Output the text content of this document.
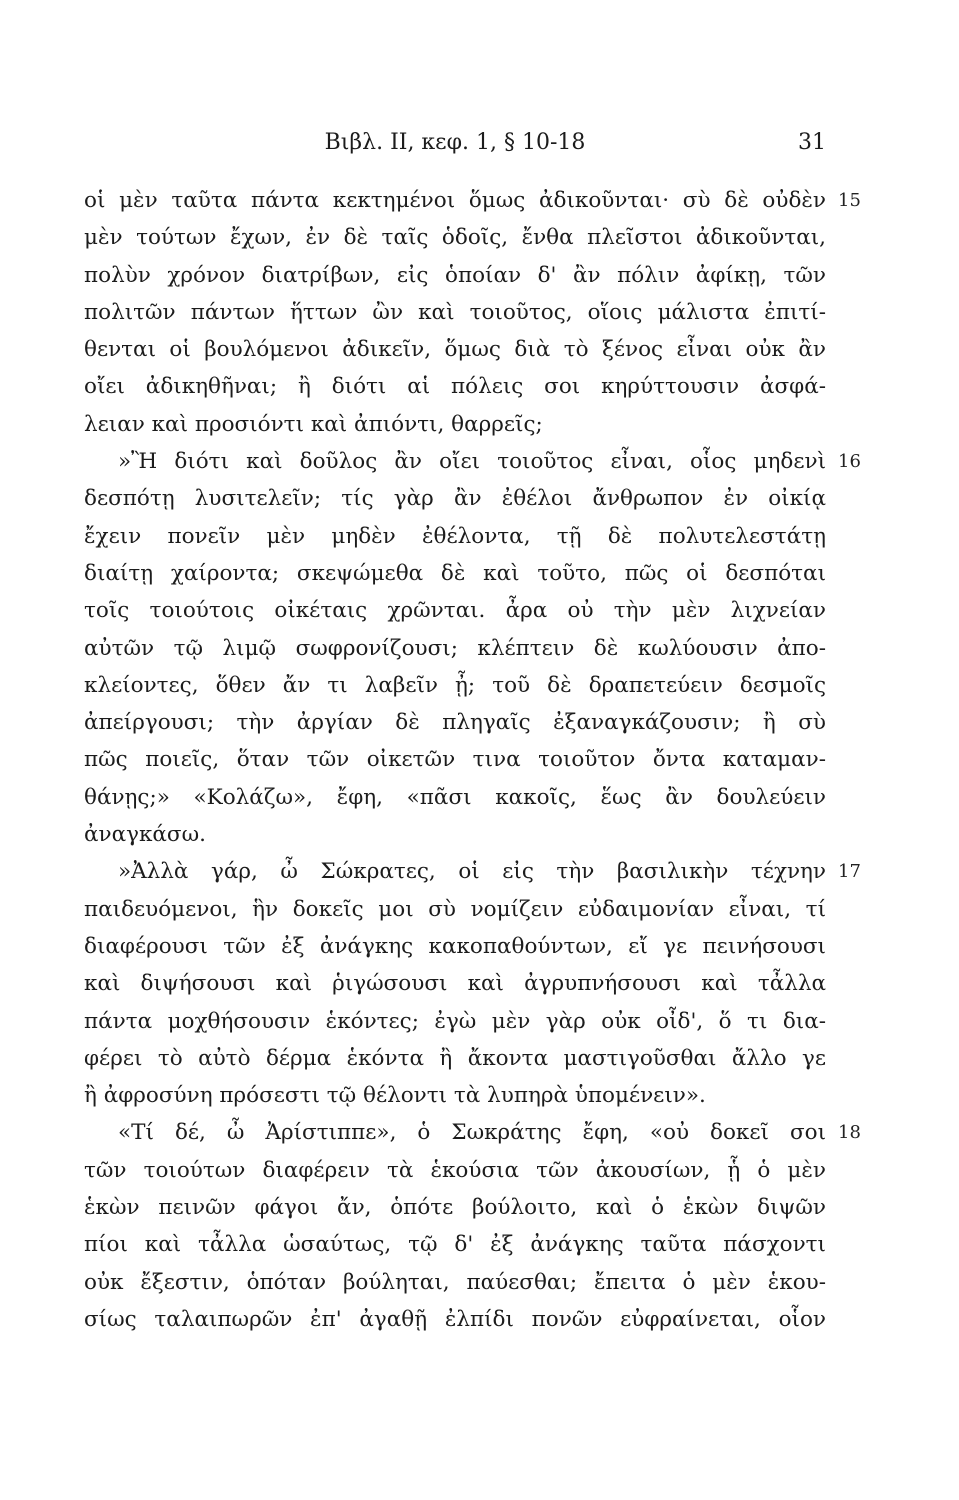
Βιβλ. ΙΙ, κεφ. 1, § 10-18	31
οἱ μὲν ταῦτα πάντα κεκτημένοι ὅμως ἀδικοῦνται· σὺ δὲ οὐδὲν 15
μὲν τούτων ἔχων, ἐν δὲ ταῖς ὁδοῖς, ἔνθα πλεῖστοι ἀδικοῦνται,
πολὺν χρόνον διατρίβων, εἰς ὁποίαν δ' ἂν πόλιν ἀφίκῃ, τῶν
πολιτῶν πάντων ἥττων ὢν καὶ τοιοῦτος, οἵοις μάλιστα ἐπιτί-
θενται οἱ βουλόμενοι ἀδικεῖν, ὅμως διὰ τὸ ξένος εἶναι οὐκ ἂν
οἴει ἀδικηθῆναι; ἢ διότι αἱ πόλεις σοι κηρύττουσιν ἀσφά-
λειαν καὶ προσιόντι καὶ ἀπιόντι, θαρρεῖς;
»Ἢ διότι καὶ δοῦλος ἂν οἴει τοιοῦτος εἶναι, οἷος μηδενὶ 16
δεσπότῃ λυσιτελεῖν; τίς γὰρ ἂν ἐθέλοι ἄνθρωπον ἐν οἰκίᾳ
ἔχειν πονεῖν μὲν μηδὲν ἐθέλοντα, τῇ δὲ πολυτελεστάτῃ
διαίτῃ χαίροντα; σκεψώμεθα δὲ καὶ τοῦτο, πῶς οἱ δεσπόται
τοῖς τοιούτοις οἰκέταις χρῶνται. ἆρα οὐ τὴν μὲν λιχνείαν
αὐτῶν τῷ λιμῷ σωφρονίζουσι; κλέπτειν δὲ κωλύουσιν ἀπο-
κλείοντες, ὅθεν ἄν τι λαβεῖν ᾖ; τοῦ δὲ δραπετεύειν δεσμοῖς
ἀπείργουσι; τὴν ἀργίαν δὲ πληγαῖς ἐξαναγκάζουσιν; ἢ σὺ
πῶς ποιεῖς, ὅταν τῶν οἰκετῶν τινα τοιοῦτον ὄντα καταμαν-
θάνῃς;» «Κολάζω», ἔφη, «πᾶσι κακοῖς, ἕως ἂν δουλεύειν
ἀναγκάσω.
»Ἀλλὰ γάρ, ὦ Σώκρατες, οἱ εἰς τὴν βασιλικὴν τέχνην 17
παιδευόμενοι, ἣν δοκεῖς μοι σὺ νομίζειν εὐδαιμονίαν εἶναι, τί
διαφέρουσι τῶν ἐξ ἀνάγκης κακοπαθούντων, εἴ γε πεινήσουσι
καὶ διψήσουσι καὶ ῥιγώσουσι καὶ ἀγρυπνήσουσι καὶ τἆλλα
πάντα μοχθήσουσιν ἑκόντες; ἐγὼ μὲν γὰρ οὐκ οἶδ', ὅ τι δια-
φέρει τὸ αὐτὸ δέρμα ἑκόντα ἢ ἄκοντα μαστιγοῦσθαι ἄλλο γε
ἢ ἀφροσύνη πρόσεστι τῷ θέλοντι τὰ λυπηρὰ ὑπομένειν».
«Τί δέ, ὦ Ἀρίστιππε», ὁ Σωκράτης ἔφη, «οὐ δοκεῖ σοι 18
τῶν τοιούτων διαφέρειν τὰ ἑκούσια τῶν ἀκουσίων, ᾗ ὁ μὲν
ἑκὼν πεινῶν φάγοι ἄν, ὁπότε βούλοιτο, καὶ ὁ ἑκὼν διψῶν
πίοι καὶ τἆλλα ὡσαύτως, τῷ δ' ἐξ ἀνάγκης ταῦτα πάσχοντι
οὐκ ἔξεστιν, ὁπόταν βούληται, παύεσθαι; ἔπειτα ὁ μὲν ἑκου-
σίως ταλαιπωρῶν ἐπ' ἀγαθῇ ἐλπίδι πονῶν εὐφραίνεται, οἷον
